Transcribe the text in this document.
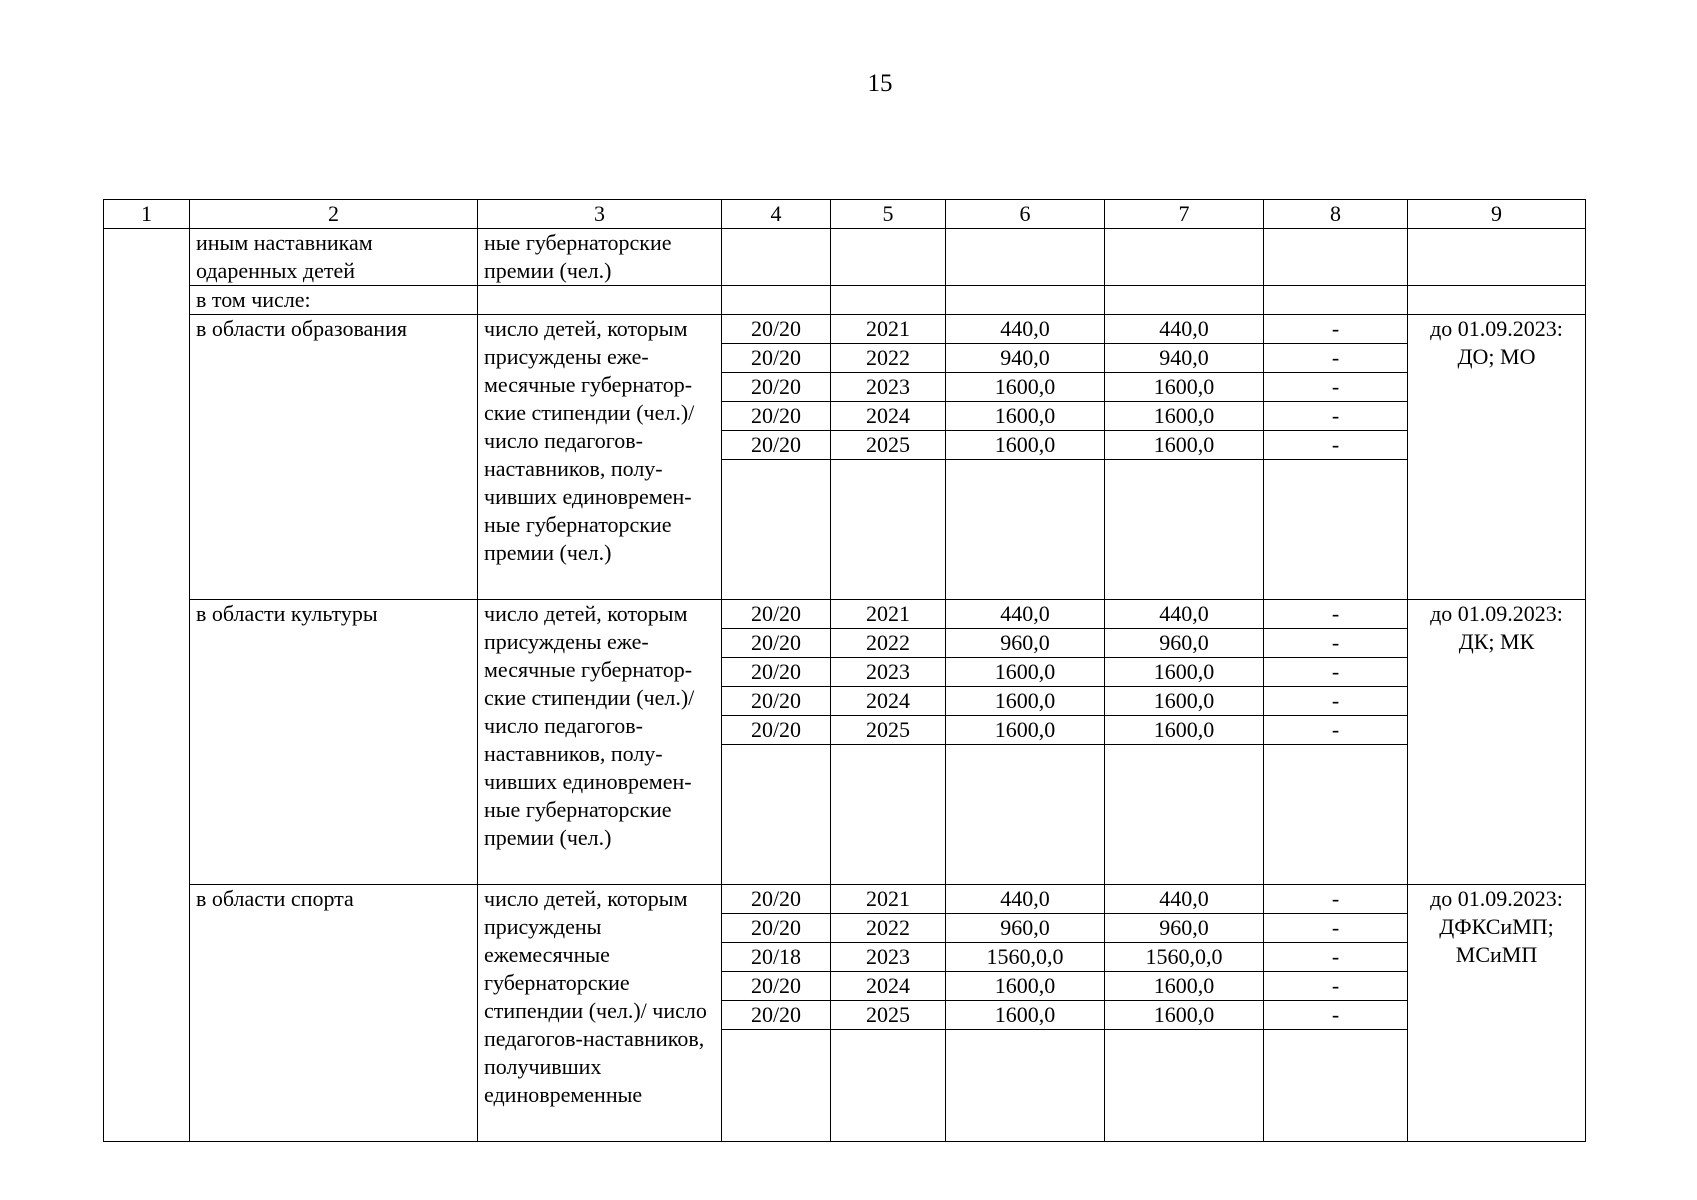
15
1	2	3	4	5	6	7	8	9
	иным наставникам одаренных детей	ные губернаторские премии (чел.)						
	в том числе:							
	в области образования	число детей, которым присуждены еже-месячные губернатор-ские стипендии (чел.)/ число педагогов-наставников, полу-чивших единовремен-ные губернаторские премии (чел.)	20/20	2021	440,0	440,0	-	до 01.09.2023: ДО; МО
			20/20	2022	940,0	940,0	-	
			20/20	2023	1600,0	1600,0	-	
			20/20	2024	1600,0	1600,0	-	
			20/20	2025	1600,0	1600,0	-	

	в области культуры	число детей, которым присуждены еже-месячные губернатор-ские стипендии (чел.)/ число педагогов-наставников, полу-чивших единовремен-ные губернаторские премии (чел.)	20/20	2021	440,0	440,0	-	до 01.09.2023: ДК; МК
			20/20	2022	960,0	960,0	-	
			20/20	2023	1600,0	1600,0	-	
			20/20	2024	1600,0	1600,0	-	
			20/20	2025	1600,0	1600,0	-	

	в области спорта	число детей, которым присуждены ежемесячные губернаторские стипендии (чел.)/ число педагогов-наставников, получивших единовременные	20/20	2021	440,0	440,0	-	до 01.09.2023: ДФКСиМП; МСиМП
			20/20	2022	960,0	960,0	-	
			20/18	2023	1560,0,0	1560,0,0	-	
			20/20	2024	1600,0	1600,0	-	
			20/20	2025	1600,0	1600,0	-	
